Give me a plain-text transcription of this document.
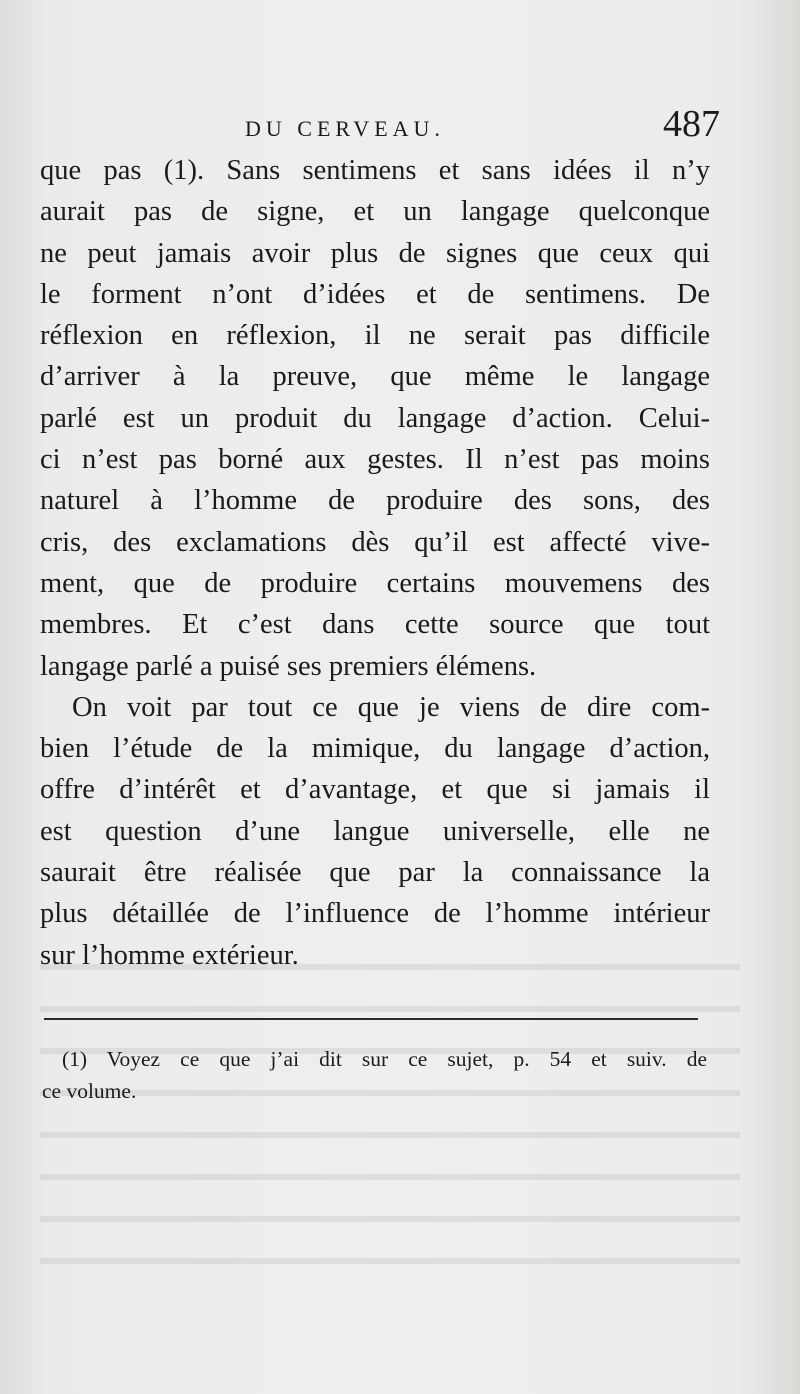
DU CERVEAU.	487
que pas (1). Sans sentimens et sans idées il n’y
aurait pas de signe, et un langage quelconque
ne peut jamais avoir plus de signes que ceux qui
le forment n’ont d’idées et de sentimens. De
réflexion en réflexion, il ne serait pas difficile
d’arriver à la preuve, que même le langage
parlé est un produit du langage d’action. Celui-
ci n’est pas borné aux gestes. Il n’est pas moins
naturel à l’homme de produire des sons, des
cris, des exclamations dès qu’il est affecté vive-
ment, que de produire certains mouvemens des
membres. Et c’est dans cette source que tout
langage parlé a puisé ses premiers élémens.
On voit par tout ce que je viens de dire com-
bien l’étude de la mimique, du langage d’action,
offre d’intérêt et d’avantage, et que si jamais il
est question d’une langue universelle, elle ne
saurait être réalisée que par la connaissance la
plus détaillée de l’influence de l’homme intérieur
sur l’homme extérieur.
(1) Voyez ce que j’ai dit sur ce sujet, p. 54 et suiv. de
ce volume.
